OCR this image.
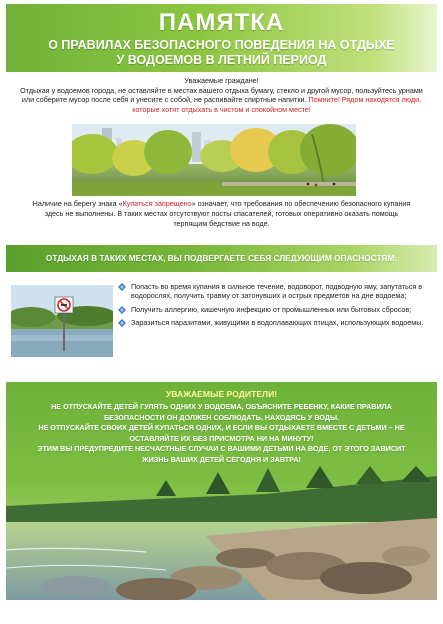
ПАМЯТКА
О ПРАВИЛАХ БЕЗОПАСНОГО ПОВЕДЕНИЯ НА ОТДЫХЕ У ВОДОЕМОВ В ЛЕТНИЙ ПЕРИОД
Уважаемые граждане!
Отдыхая у водоемов города, не оставляйте в местах вашего отдыха бумагу, стекло и другой мусор, пользуйтесь урнами или соберите мусор после себя и унесите с собой, не распивайте спиртные напитки. Помните! Рядом находятся люди, которые хотят отдыхать в чистом и спокойном месте!
Наличие на берегу знака «Купаться запрещено» означает, что требования по обеспечению безопасного купания здесь не выполнены. В таких местах отсутствуют посты спасателей, готовых оперативно оказать помощь терпящим бедствие на воде.
ОТДЫХАЯ В ТАКИХ МЕСТАХ, ВЫ ПОДВЕРГАЕТЕ СЕБЯ СЛЕДУЮЩИМ ОПАСНОСТЯМ:
Попасть во время купания в сильное течение, водоворот, подводную яму, запутаться в водорослях, получить травму от затонувших и острых предметов на дне водоема;
Получить аллергию, кишечную инфекцию от промышленных или бытовых сбросов;
Заразиться паразитами, живущими в водоплавающих птицах, использующих водоемы.
УВАЖАЕМЫЕ РОДИТЕЛИ!
НЕ ОТПУСКАЙТЕ ДЕТЕЙ ГУЛЯТЬ ОДНИХ У ВОДОЕМА, ОБЪЯСНИТЕ РЕБЕНКУ, КАКИЕ ПРАВИЛА БЕЗОПАСНОСТИ ОН ДОЛЖЕН СОБЛЮДАТЬ, НАХОДЯСЬ У ВОДЫ.
НЕ ОТПУСКАЙТЕ СВОИХ ДЕТЕЙ КУПАТЬСЯ ОДНИХ, И ЕСЛИ ВЫ ОТДЫХАЕТЕ ВМЕСТЕ С ДЕТЬМИ – НЕ ОСТАВЛЯЙТЕ ИХ БЕЗ ПРИСМОТРА НИ НА МИНУТУ!
ЭТИМ ВЫ ПРЕДУПРЕДИТЕ НЕСЧАСТНЫЕ СЛУЧАИ С ВАШИМИ ДЕТЬМИ НА ВОДЕ, ОТ ЭТОГО ЗАВИСИТ ЖИЗНЬ ВАШИХ ДЕТЕЙ СЕГОДНЯ И ЗАВТРА!
